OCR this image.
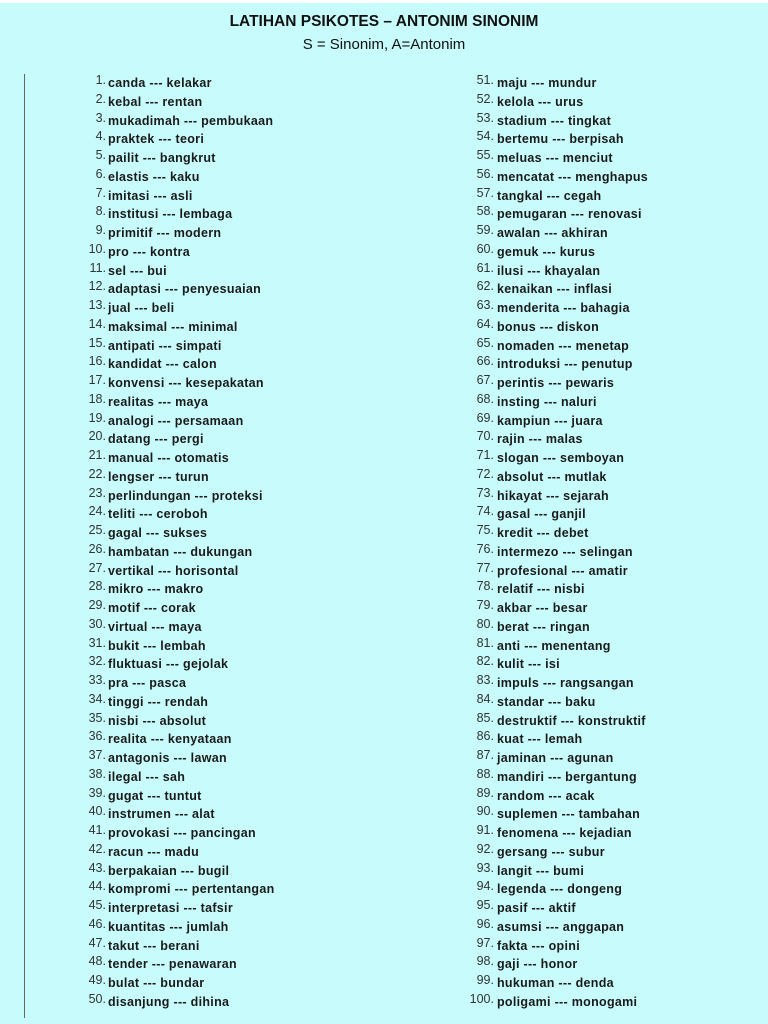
LATIHAN PSIKOTES – ANTONIM SINONIM
S = Sinonim, A=Antonim
1. canda --- kelakar
2. kebal --- rentan
3. mukadimah --- pembukaan
4. praktek --- teori
5. pailit --- bangkrut
6. elastis --- kaku
7. imitasi --- asli
8. institusi --- lembaga
9. primitif --- modern
10. pro --- kontra
11. sel --- bui
12. adaptasi --- penyesuaian
13. jual --- beli
14. maksimal --- minimal
15. antipati --- simpati
16. kandidat --- calon
17. konvensi --- kesepakatan
18. realitas --- maya
19. analogi --- persamaan
20. datang --- pergi
21. manual --- otomatis
22. lengser --- turun
23. perlindungan --- proteksi
24. teliti --- ceroboh
25. gagal --- sukses
26. hambatan --- dukungan
27. vertikal --- horisontal
28. mikro --- makro
29. motif --- corak
30. virtual --- maya
31. bukit --- lembah
32. fluktuasi --- gejolak
33. pra --- pasca
34. tinggi --- rendah
35. nisbi --- absolut
36. realita --- kenyataan
37. antagonis --- lawan
38. ilegal --- sah
39. gugat --- tuntut
40. instrumen --- alat
41. provokasi --- pancingan
42. racun --- madu
43. berpakaian --- bugil
44. kompromi --- pertentangan
45. interpretasi --- tafsir
46. kuantitas --- jumlah
47. takut --- berani
48. tender --- penawaran
49. bulat --- bundar
50. disanjung --- dihina
51. maju --- mundur
52. kelola --- urus
53. stadium --- tingkat
54. bertemu --- berpisah
55. meluas --- menciut
56. mencatat --- menghapus
57. tangkal --- cegah
58. pemugaran --- renovasi
59. awalan --- akhiran
60. gemuk --- kurus
61. ilusi --- khayalan
62. kenaikan --- inflasi
63. menderita --- bahagia
64. bonus --- diskon
65. nomaden --- menetap
66. introduksi --- penutup
67. perintis --- pewaris
68. insting --- naluri
69. kampiun --- juara
70. rajin --- malas
71. slogan --- semboyan
72. absolut --- mutlak
73. hikayat --- sejarah
74. gasal --- ganjil
75. kredit --- debet
76. intermezo --- selingan
77. profesional --- amatir
78. relatif --- nisbi
79. akbar --- besar
80. berat --- ringan
81. anti --- menentang
82. kulit --- isi
83. impuls --- rangsangan
84. standar --- baku
85. destruktif --- konstruktif
86. kuat --- lemah
87. jaminan --- agunan
88. mandiri --- bergantung
89. random --- acak
90. suplemen --- tambahan
91. fenomena --- kejadian
92. gersang --- subur
93. langit --- bumi
94. legenda --- dongeng
95. pasif --- aktif
96. asumsi --- anggapan
97. fakta --- opini
98. gaji --- honor
99. hukuman --- denda
100. poligami --- monogami
